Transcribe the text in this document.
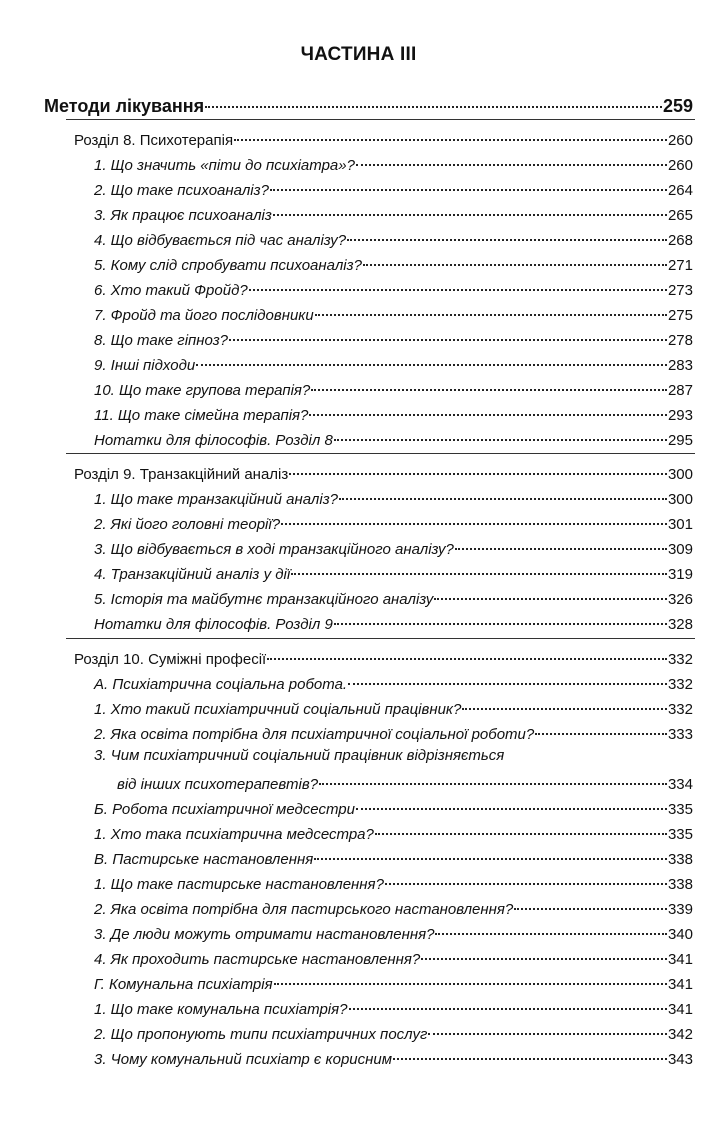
ЧАСТИНА III
Методи лікування	259
Розділ 8. Психотерапія	260
1. Що значить «піти до психіатра»?	260
2. Що таке психоаналіз?	264
3. Як працює психоаналіз	265
4. Що відбувається під час аналізу?	268
5. Кому слід спробувати психоаналіз?	271
6. Хто такий Фройд?	273
7. Фройд та його послідовники	275
8. Що таке гіпноз?	278
9. Інші підходи	283
10. Що таке групова терапія?	287
11. Що таке сімейна терапія?	293
Нотатки для філософів. Розділ 8	295
Розділ 9. Транзакційний аналіз	300
1. Що таке транзакційний аналіз?	300
2. Які його головні теорії?	301
3. Що відбувається в ході транзакційного аналізу?	309
4. Транзакційний аналіз у дії	319
5. Історія та майбутнє транзакційного аналізу	326
Нотатки для філософів. Розділ 9	328
Розділ 10. Суміжні професії	332
А. Психіатрична соціальна робота.	332
1. Хто такий психіатричний соціальний працівник?	332
2. Яка освіта потрібна для психіатричної соціальної роботи?	333
3. Чим психіатричний соціальний працівник відрізняється
від інших психотерапевтів?	334
Б. Робота психіатричної медсестри	335
1. Хто така психіатрична медсестра?	335
В. Пастирське настановлення	338
1. Що таке пастирське настановлення?	338
2. Яка освіта потрібна для пастирського настановлення?	339
3. Де люди можуть отримати настановлення?	340
4. Як проходить пастирське настановлення?	341
Г. Комунальна психіатрія	341
1. Що таке комунальна психіатрія?	341
2. Що пропонують типи психіатричних послуг	342
3. Чому комунальний психіатр є корисним	343
